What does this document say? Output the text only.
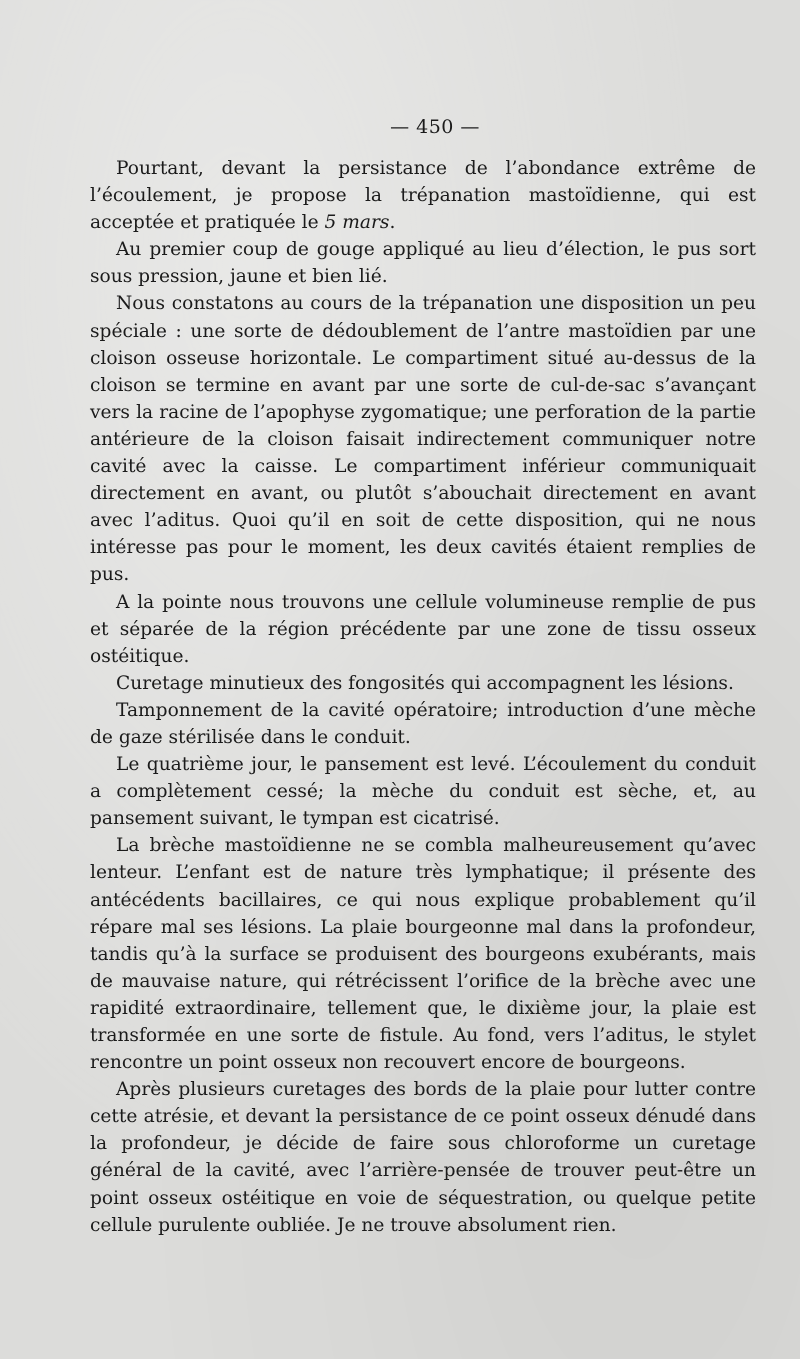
— 450 —

Pourtant, devant la persistance de l’abondance extrême de l’écoulement, je propose la trépanation mastoïdienne, qui est acceptée et pratiquée le 5 mars.

Au premier coup de gouge appliqué au lieu d’élection, le pus sort sous pression, jaune et bien lié.

Nous constatons au cours de la trépanation une disposition un peu spéciale : une sorte de dédoublement de l’antre mastoïdien par une cloison osseuse horizontale. Le compartiment situé au-dessus de la cloison se termine en avant par une sorte de cul-de-sac s’avançant vers la racine de l’apophyse zygomatique; une perforation de la partie antérieure de la cloison faisait indirectement communiquer notre cavité avec la caisse. Le compartiment inférieur communiquait directement en avant, ou plutôt s’abouchait directement en avant avec l’aditus. Quoi qu’il en soit de cette disposition, qui ne nous intéresse pas pour le moment, les deux cavités étaient remplies de pus.

A la pointe nous trouvons une cellule volumineuse remplie de pus et séparée de la région précédente par une zone de tissu osseux ostéitique.

Curetage minutieux des fongosités qui accompagnent les lésions.

Tamponnement de la cavité opératoire; introduction d’une mèche de gaze stérilisée dans le conduit.

Le quatrième jour, le pansement est levé. L’écoulement du conduit a complètement cessé; la mèche du conduit est sèche, et, au pansement suivant, le tympan est cicatrisé.

La brèche mastoïdienne ne se combla malheureusement qu’avec lenteur. L’enfant est de nature très lymphatique; il présente des antécédents bacillaires, ce qui nous explique probablement qu’il répare mal ses lésions. La plaie bourgeonne mal dans la profondeur, tandis qu’à la surface se produisent des bourgeons exubérants, mais de mauvaise nature, qui rétrécissent l’orifice de la brèche avec une rapidité extraordinaire, tellement que, le dixième jour, la plaie est transformée en une sorte de fistule. Au fond, vers l’aditus, le stylet rencontre un point osseux non recouvert encore de bourgeons.

Après plusieurs curetages des bords de la plaie pour lutter contre cette atrésie, et devant la persistance de ce point osseux dénudé dans la profondeur, je décide de faire sous chloroforme un curetage général de la cavité, avec l’arrière-pensée de trouver peut-être un point osseux ostéitique en voie de séquestration, ou quelque petite cellule purulente oubliée. Je ne trouve absolument rien.
